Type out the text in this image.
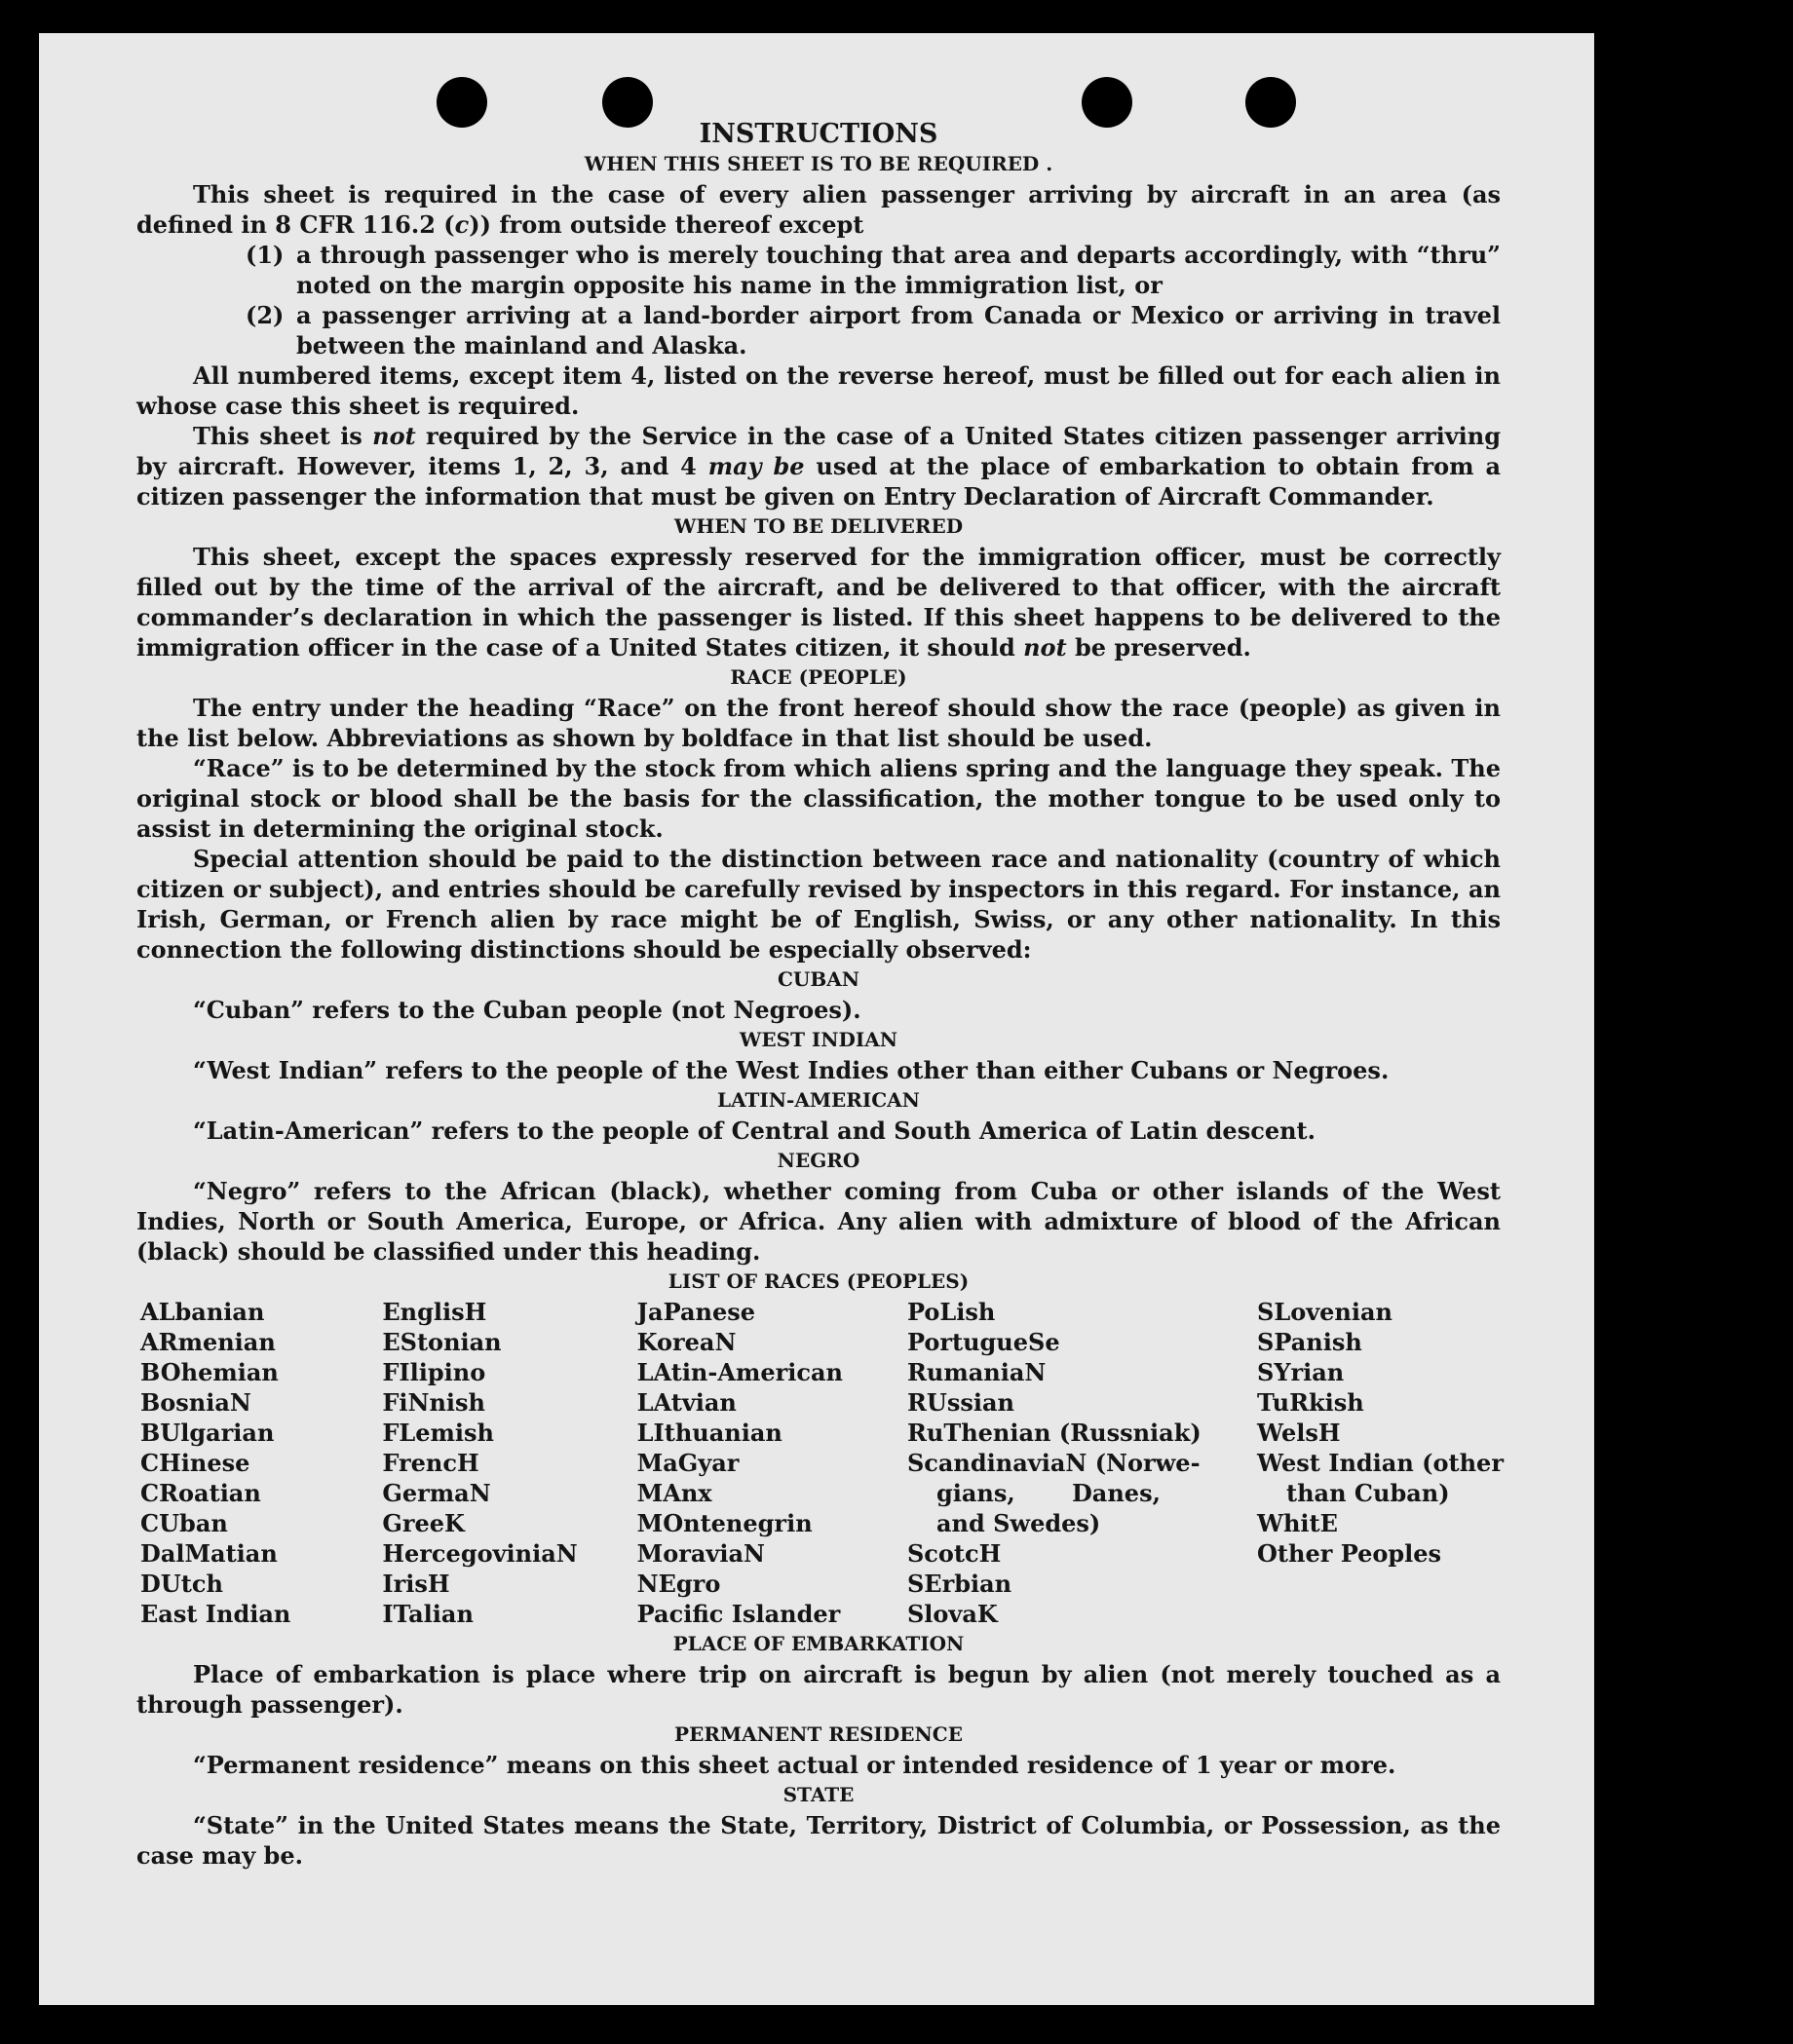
INSTRUCTIONS
WHEN THIS SHEET IS TO BE REQUIRED .

This sheet is required in the case of every alien passenger arriving by aircraft in an area (as defined in 8 CFR 116.2 (c)) from outside thereof except

(1) a through passenger who is merely touching that area and departs accordingly, with “thru” noted on the margin opposite his name in the immigration list, or
(2) a passenger arriving at a land-border airport from Canada or Mexico or arriving in travel between the mainland and Alaska.

All numbered items, except item 4, listed on the reverse hereof, must be filled out for each alien in whose case this sheet is required.

This sheet is not required by the Service in the case of a United States citizen passenger arriving by aircraft. However, items 1, 2, 3, and 4 may be used at the place of embarkation to obtain from a citizen passenger the information that must be given on Entry Declaration of Aircraft Commander.

WHEN TO BE DELIVERED

This sheet, except the spaces expressly reserved for the immigration officer, must be correctly filled out by the time of the arrival of the aircraft, and be delivered to that officer, with the aircraft commander’s declaration in which the passenger is listed. If this sheet happens to be delivered to the immigration officer in the case of a United States citizen, it should not be preserved.

RACE (PEOPLE)

The entry under the heading “Race” on the front hereof should show the race (people) as given in the list below. Abbreviations as shown by boldface in that list should be used.

“Race” is to be determined by the stock from which aliens spring and the language they speak. The original stock or blood shall be the basis for the classification, the mother tongue to be used only to assist in determining the original stock.

Special attention should be paid to the distinction between race and nationality (country of which citizen or subject), and entries should be carefully revised by inspectors in this regard. For instance, an Irish, German, or French alien by race might be of English, Swiss, or any other nationality. In this connection the following distinctions should be especially observed:

CUBAN

“Cuban” refers to the Cuban people (not Negroes).

WEST INDIAN

“West Indian” refers to the people of the West Indies other than either Cubans or Negroes.

LATIN-AMERICAN

“Latin-American” refers to the people of Central and South America of Latin descent.

NEGRO

“Negro” refers to the African (black), whether coming from Cuba or other islands of the West Indies, North or South America, Europe, or Africa. Any alien with admixture of blood of the African (black) should be classified under this heading.

LIST OF RACES (PEOPLES)
ALbanian
ARmenian
BOhemian
BosniaN
BUlgarian
CHinese
CRoatian
CUban
DalMatian
DUtch
East Indian
EnglisH
EStonian
FIlipino
FiNnish
FLemish
FrencH
GermaN
GreeK
HercegoviniaN
IrisH
ITalian
JaPanese
KoreaN
LAtin-American
LAtvian
LIthuanian
MaGyar
MAnx
MOntenegrin
MoraviaN
NEgro
Pacific Islander
PoLish
PortugueSe
RumaniaN
RUssian
RuThenian (Russniak)
ScandinaviaN (Norwe-
gians, Danes, and Swedes)
ScotcH
SErbian
SlovaK
SLovenian
SPanish
SYrian
TuRkish
WelsH
West Indian (other
than Cuban)
WhitE
Other Peoples
PLACE OF EMBARKATION

Place of embarkation is place where trip on aircraft is begun by alien (not merely touched as a through passenger).

PERMANENT RESIDENCE

“Permanent residence” means on this sheet actual or intended residence of 1 year or more.

STATE

“State” in the United States means the State, Territory, District of Columbia, or Possession, as the case may be.
